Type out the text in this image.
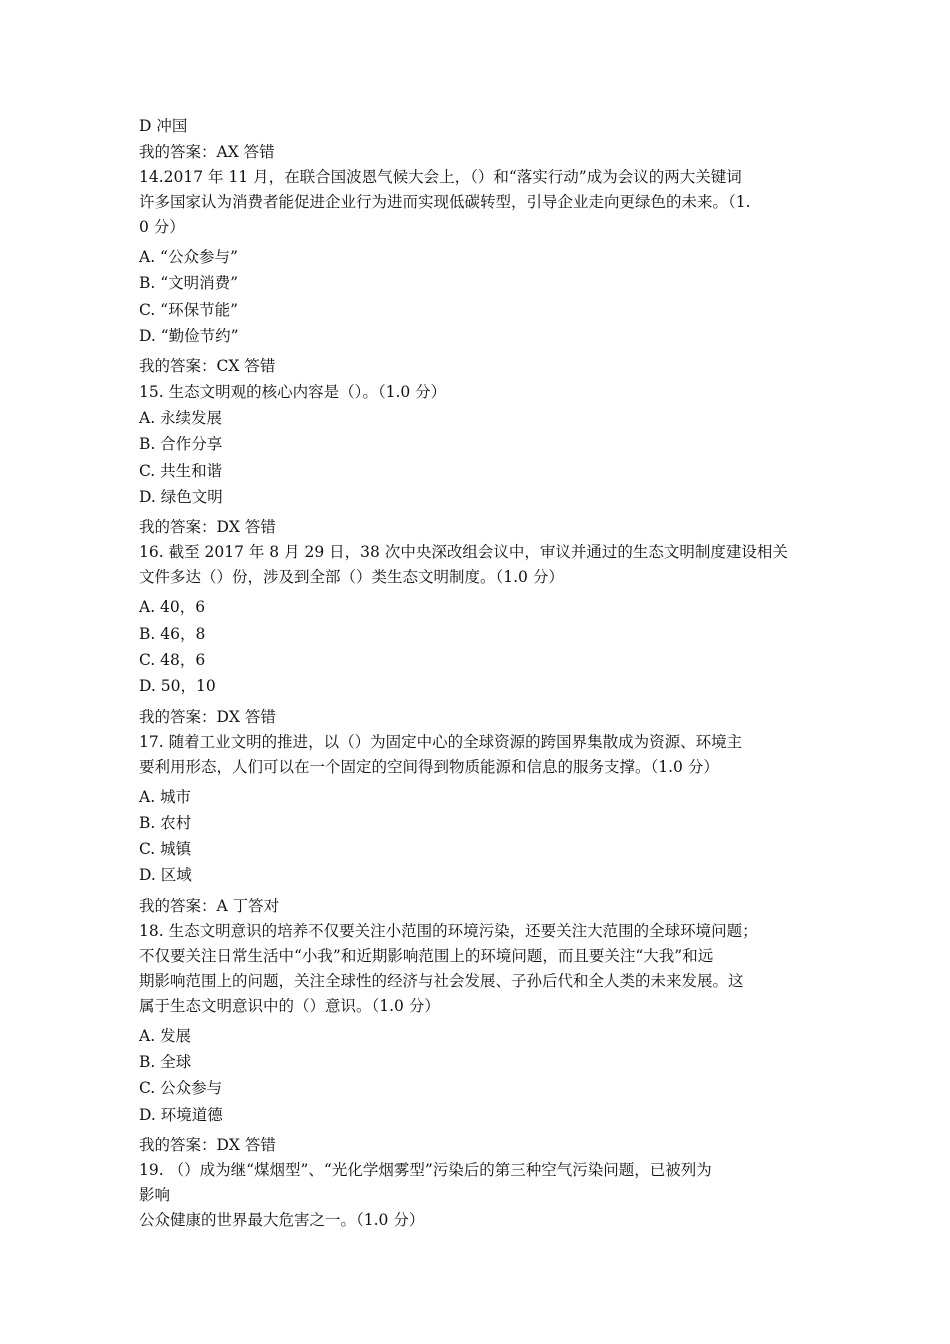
D 冲国
我的答案：AX 答错
14.2017 年 11 月，在联合国波恩气候大会上，（）和“落实行动”成为会议的两大关键词
许多国家认为消费者能促进企业行为进而实现低碳转型，引导企业走向更绿色的未来。（1.
0 分）
A. “公众参与”
B. “文明消费”
C. “环保节能”
D. “勤俭节约”
我的答案：CX 答错
15. 生态文明观的核心内容是（）。（1.0 分）
A. 永续发展
B. 合作分享
C. 共生和谐
D. 绿色文明
我的答案：DX 答错
16. 截至 2017 年 8 月 29 日，38 次中央深改组会议中，审议并通过的生态文明制度建设相关
文件多达（）份，涉及到全部（）类生态文明制度。（1.0 分）
A. 40，6
B. 46，8
C. 48，6
D. 50，10
我的答案：DX 答错
17. 随着工业文明的推进，以（）为固定中心的全球资源的跨国界集散成为资源、环境主
要利用形态，人们可以在一个固定的空间得到物质能源和信息的服务支撑。（1.0 分）
A. 城市
B. 农村
C. 城镇
D. 区域
我的答案：A 丁答对
18. 生态文明意识的培养不仅要关注小范围的环境污染，还要关注大范围的全球环境问题；
不仅要关注日常生活中“小我”和近期影响范围上的环境问题，而且要关注“大我”和远
期影响范围上的问题，关注全球性的经济与社会发展、子孙后代和全人类的未来发展。这
属于生态文明意识中的（）意识。（1.0 分）
A. 发展
B. 全球
C. 公众参与
D. 环境道德
我的答案：DX 答错
19. （）成为继“煤烟型”、“光化学烟雾型”污染后的第三种空气污染问题，已被列为
影响
公众健康的世界最大危害之一。（1.0 分）
